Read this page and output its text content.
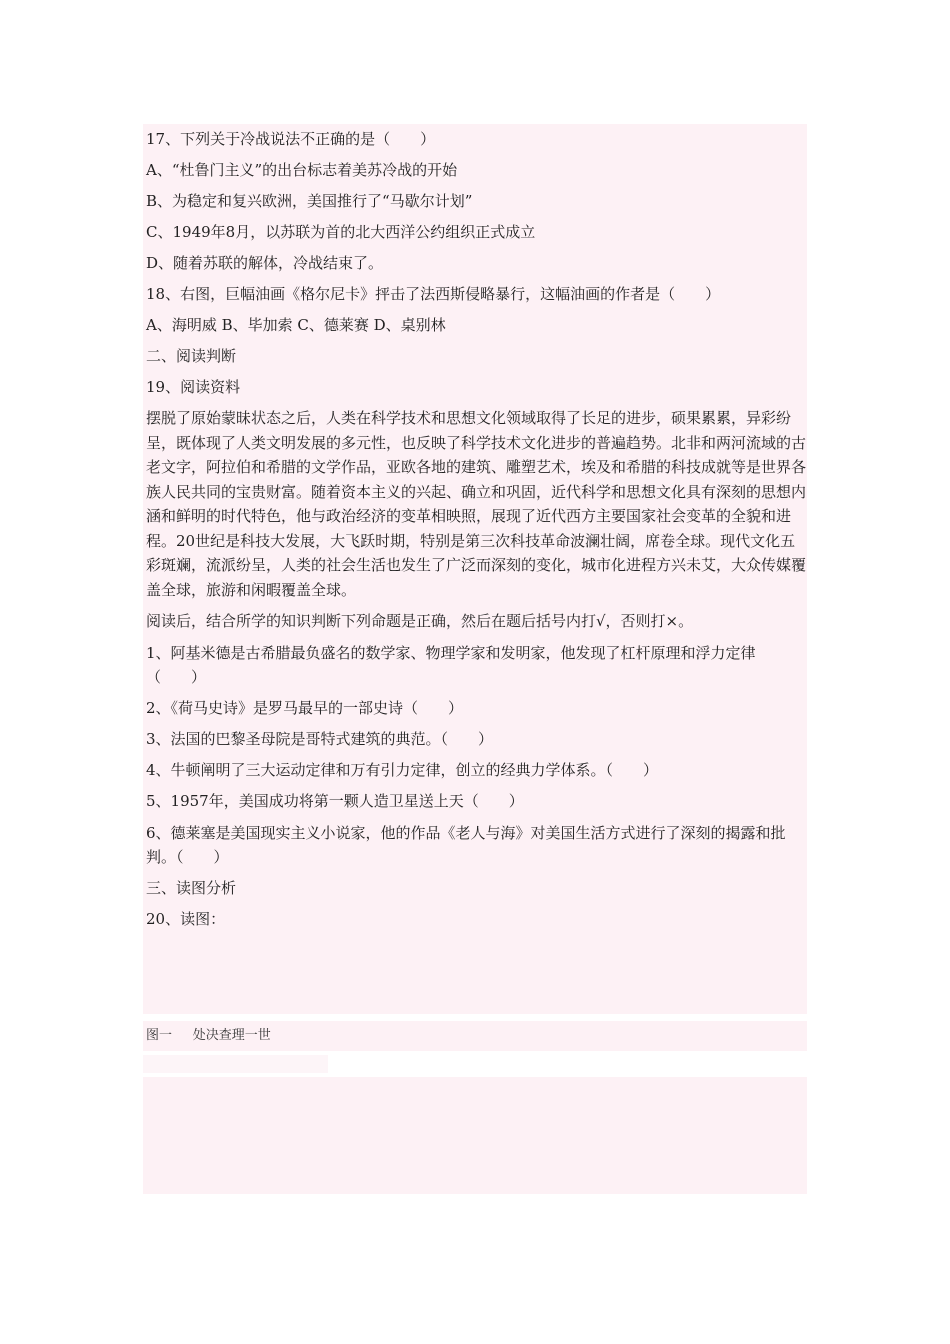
17、下列关于冷战说法不正确的是（　　）
A、“杜鲁门主义”的出台标志着美苏冷战的开始
B、为稳定和复兴欧洲，美国推行了“马歇尔计划”
C、1949年8月，以苏联为首的北大西洋公约组织正式成立
D、随着苏联的解体，冷战结束了。
18、右图，巨幅油画《格尔尼卡》抨击了法西斯侵略暴行，这幅油画的作者是（　　）
A、海明威 B、毕加索 C、德莱赛 D、桌别林
二、阅读判断
19、阅读资料
摆脱了原始蒙昧状态之后，人类在科学技术和思想文化领域取得了长足的进步，硕果累累，异彩纷呈，既体现了人类文明发展的多元性，也反映了科学技术文化进步的普遍趋势。北非和两河流域的古老文字，阿拉伯和希腊的文学作品，亚欧各地的建筑、雕塑艺术，埃及和希腊的科技成就等是世界各族人民共同的宝贵财富。随着资本主义的兴起、确立和巩固，近代科学和思想文化具有深刻的思想内涵和鲜明的时代特色，他与政治经济的变革相映照，展现了近代西方主要国家社会变革的全貌和进程。20世纪是科技大发展，大飞跃时期，特别是第三次科技革命波澜壮阔，席卷全球。现代文化五彩斑斓，流派纷呈，人类的社会生活也发生了广泛而深刻的变化，城市化进程方兴未艾，大众传媒覆盖全球，旅游和闲暇覆盖全球。
阅读后，结合所学的知识判断下列命题是正确，然后在题后括号内打√，否则打×。
1、阿基米德是古希腊最负盛名的数学家、物理学家和发明家，他发现了杠杆原理和浮力定律（　　）
2、《荷马史诗》是罗马最早的一部史诗（　　）
3、法国的巴黎圣母院是哥特式建筑的典范。（　　）
4、牛顿阐明了三大运动定律和万有引力定律，创立的经典力学体系。（　　）
5、1957年，美国成功将第一颗人造卫星送上天（　　）
6、德莱塞是美国现实主义小说家，他的作品《老人与海》对美国生活方式进行了深刻的揭露和批判。（　　）
三、读图分析
20、读图：
图一 处决查理一世
